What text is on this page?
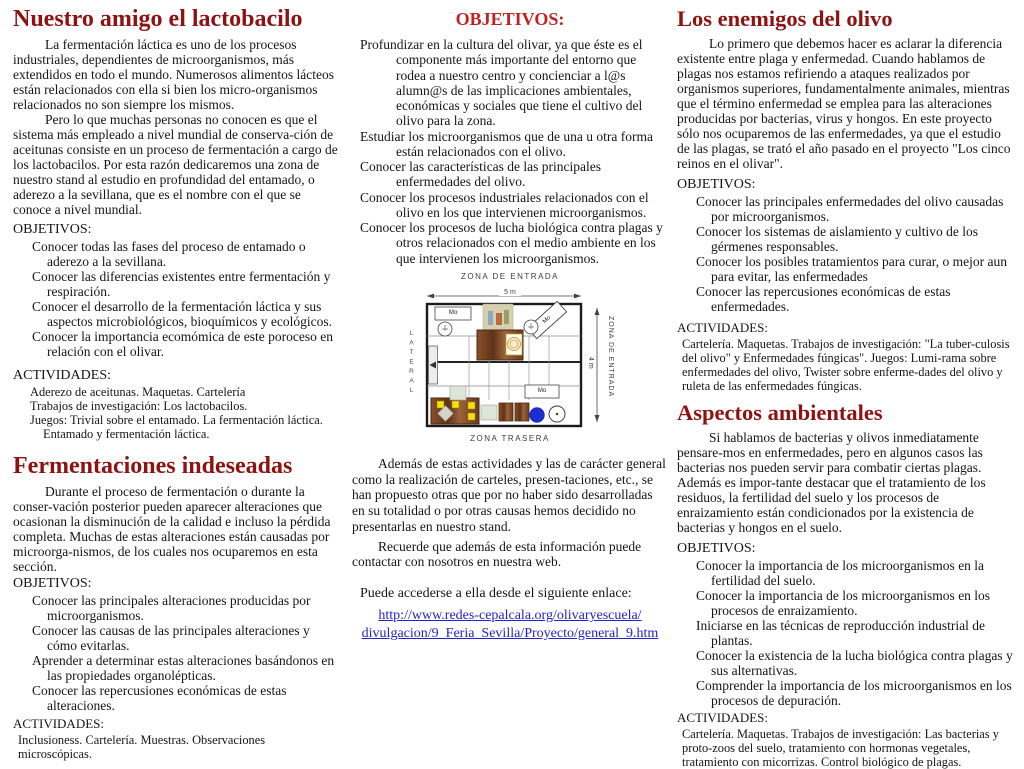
Nuestro amigo el lactobacilo

La fermentación láctica es uno de los procesos industriales, dependientes de microorganismos, más extendidos en todo el mundo. Numerosos alimentos lácteos están relacionados con ella si bien los micro-organismos relacionados no son siempre los mismos.

Pero lo que muchas personas no conocen es que el sistema más empleado a nivel mundial de conserva-ción de aceitunas consiste en un proceso de fermentación a cargo de los lactobacilos. Por esta razón dedicaremos una zona de nuestro stand al estudio en profundidad del entamado, o aderezo a la sevillana, que es el nombre con el que se conoce a nivel mundial.

OBJETIVOS:
Conocer todas las fases del proceso de entamado o aderezo a la sevillana.
Conocer las diferencias existentes entre fermentación y respiración.
Conocer el desarrollo de la fermentación láctica y sus aspectos microbiológicos, bioquímicos y ecológicos.
Conocer la importancia ecomómica de este poroceso en relación con el olivar.
ACTIVIDADES:
Aderezo de aceitunas. Maquetas. Cartelería
Trabajos de investigación: Los lactobacilos.
Juegos: Trivial sobre el entamado. La fermentación láctica. Entamado y fermentación láctica.
Fermentaciones indeseadas

Durante el proceso de fermentación o durante la conser-vación posterior pueden aparecer alteraciones que ocasionan la disminución de la calidad e incluso la pérdida completa. Muchas de estas alteraciones están causadas por microorga-nismos, de los cuales nos ocuparemos en esta sección.

OBJETIVOS:
Conocer las principales alteraciones producidas por microorganismos.
Conocer las causas de las principales alteraciones y cómo evitarlas.
Aprender a determinar estas alteraciones basándonos en las propiedades organolépticas.
Conocer las repercusiones económicas de estas alteraciones.
ACTIVIDADES:

Inclusioness. Cartelería. Muestras. Observaciones microscópicas.

OBJETIVOS:
Profundizar en la cultura del olivar, ya que éste es el componente más importante del entorno que rodea a nuestro centro y concienciar a l@s alumn@s de las implicaciones ambientales, económicas y sociales que tiene el cultivo del olivo para la zona.
Estudiar los microorganismos que de una u otra forma están relacionados con el olivo.
Conocer las características de las principales enfermedades del olivo.
Conocer los procesos industriales relacionados con el olivo en los que intervienen microorganismos.
Conocer los procesos de lucha biológica contra plagas y otros relacionados con el medio ambiente en los que intervienen los microorganismos.
ZONA DE ENTRADA
5 m
LATERAL	ZONA DE ENTRADA
4 m
ZONA TRASERA
Mo
Mo
Mo

Además de estas actividades y las de carácter general como la realización de carteles, presen-taciones, etc., se han propuesto otras que por no haber sido desarrolladas en su totalidad o por otras causas hemos decidido no presentarlas en nuestro stand.

Recuerde que además de esta información puede contactar con nosotros en nuestra web.

Puede accederse a ella desde el siguiente enlace:

http://www.redes-cepalcala.org/olivaryescuela/
divulgacion/9_Feria_Sevilla/Proyecto/general_9.htm
Los enemigos del olivo

Lo primero que debemos hacer es aclarar la diferencia existente entre plaga y enfermedad. Cuando hablamos de plagas nos estamos refiriendo a ataques realizados por organismos superiores, fundamentalmente animales, mientras que el término enfermedad se emplea para las alteraciones producidas por bacterias, virus y hongos. En este proyecto sólo nos ocuparemos de las enfermedades, ya que el estudio de las plagas, se trató el año pasado en el proyecto "Los cinco reinos en el olivar".

OBJETIVOS:
Conocer las principales enfermedades del olivo causadas por microorganismos.
Conocer los sistemas de aislamiento y cultivo de los gérmenes responsables.
Conocer los posibles tratamientos para curar, o mejor aun para evitar, las enfermedades
Conocer las repercusiones económicas de estas enfermedades.
ACTIVIDADES:

Cartelería. Maquetas. Trabajos de investigación: "La tuber-culosis del olivo" y Enfermedades fúngicas". Juegos: Lumi-rama sobre enfermedades del olivo, Twister sobre enferme-dades del olivo y ruleta de las enfermedades fúngicas.

Aspectos ambientales

Si hablamos de bacterias y olivos inmediatamente pensare-mos en enfermedades, pero en algunos casos las bacterias nos pueden servir para combatir ciertas plagas. Además es impor-tante destacar que el tratamiento de los residuos, la fertilidad del suelo y los procesos de enraizamiento están condicionados por la existencia de bacterias y hongos en el suelo.

OBJETIVOS:
Conocer la importancia de los microorganismos en la fertilidad del suelo.
Conocer la importancia de los microorganismos en los procesos de enraizamiento.
Iniciarse en las técnicas de reproducción industrial de plantas.
Conocer la existencia de la lucha biológica contra plagas y sus alternativas.
Comprender la importancia de los microorganismos en los procesos de depuración.
ACTIVIDADES:

Cartelería. Maquetas. Trabajos de investigación: Las bacterias y proto-zoos del suelo, tratamiento con hormonas vegetales, tratamiento con micorrizas. Control biológico de plagas.
